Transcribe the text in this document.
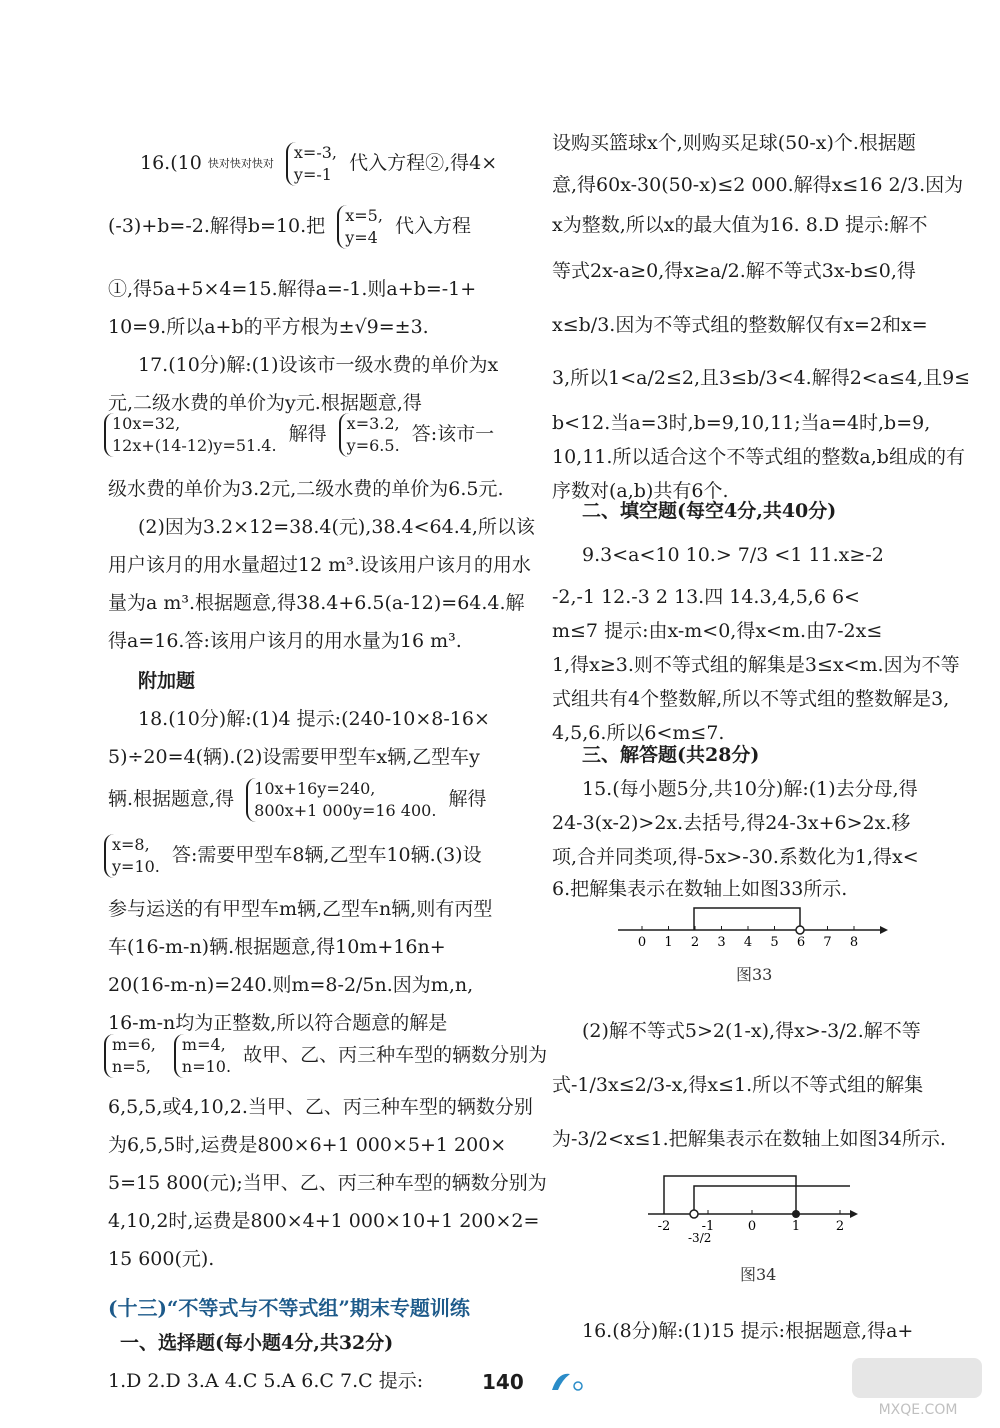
16.(10 快对快对快对
x=-3,
y=-1
代入方程②,得4×
(-3)+b=-2.解得b=10.把 x=5,
y=4
代入方程
①,得5a+5×4=15.解得a=-1.则a+b=-1+
10=9.所以a+b的平方根为±√9=±3.
17.(10分)解:(1)设该市一级水费的单价为x
元,二级水费的单价为y元.根据题意,得
10x=32,
12x+(14-12)y=51.4.
解得 x=3.2,
y=6.5.
答:该市一
级水费的单价为3.2元,二级水费的单价为6.5元.
(2)因为3.2×12=38.4(元),38.4<64.4,所以该
用户该月的用水量超过12 m³.设该用户该月的用水
量为a m³.根据题意,得38.4+6.5(a-12)=64.4.解
得a=16.答:该用户该月的用水量为16 m³.
附加题
18.(10分)解:(1)4 提示:(240-10×8-16×
5)÷20=4(辆).(2)设需要甲型车x辆,乙型车y
辆.根据题意,得 10x+16y=240,
800x+1 000y=16 400.
解得
x=8,
y=10.
答:需要甲型车8辆,乙型车10辆.(3)设
参与运送的有甲型车m辆,乙型车n辆,则有丙型
车(16-m-n)辆.根据题意,得10m+16n+
20(16-m-n)=240.则m=8-2/5n.因为m,n,
16-m-n均为正整数,所以符合题意的解是
m=6,
n=5,

m=4,
n=10.
故甲、乙、丙三种车型的辆数分别为
6,5,5,或4,10,2.当甲、乙、丙三种车型的辆数分别
为6,5,5时,运费是800×6+1 000×5+1 200×
5=15 800(元);当甲、乙、丙三种车型的辆数分别为
4,10,2时,运费是800×4+1 000×10+1 200×2=
15 600(元).
(十三)“不等式与不等式组”期末专题训练
一、选择题(每小题4分,共32分)
1.D 2.D 3.A 4.C 5.A 6.C 7.C 提示:
设购买篮球x个,则购买足球(50-x)个.根据题
意,得60x-30(50-x)≤2 000.解得x≤16 2/3.因为
x为整数,所以x的最大值为16. 8.D 提示:解不
等式2x-a≥0,得x≥a/2.解不等式3x-b≤0,得
x≤b/3.因为不等式组的整数解仅有x=2和x=
3,所以1<a/2≤2,且3≤b/3<4.解得2<a≤4,且9≤
b<12.当a=3时,b=9,10,11;当a=4时,b=9,
10,11.所以适合这个不等式组的整数a,b组成的有
序数对(a,b)共有6个.
二、填空题(每空4分,共40分)
9.3<a<10 10.> 7/3 <1 11.x≥-2
-2,-1 12.-3 2 13.四 14.3,4,5,6 6<
m≤7 提示:由x-m<0,得x<m.由7-2x≤
1,得x≥3.则不等式组的解集是3≤x<m.因为不等
式组共有4个整数解,所以不等式组的整数解是3,
4,5,6.所以6<m≤7.
三、解答题(共28分)
15.(每小题5分,共10分)解:(1)去分母,得
24-3(x-2)>2x.去括号,得24-3x+6>2x.移
项,合并同类项,得-5x>-30.系数化为1,得x<
6.把解集表示在数轴上如图33所示.
0 1 2 3 4 5 6 7 8
图33
(2)解不等式5>2(1-x),得x>-3/2.解不等
式-1/3x≤2/3-x,得x≤1.所以不等式组的解集
为-3/2<x≤1.把解集表示在数轴上如图34所示.
-2 -1	0	1	2
-3/2
图34
16.(8分)解:(1)15 提示:根据题意,得a+
140
MXQE.COM
